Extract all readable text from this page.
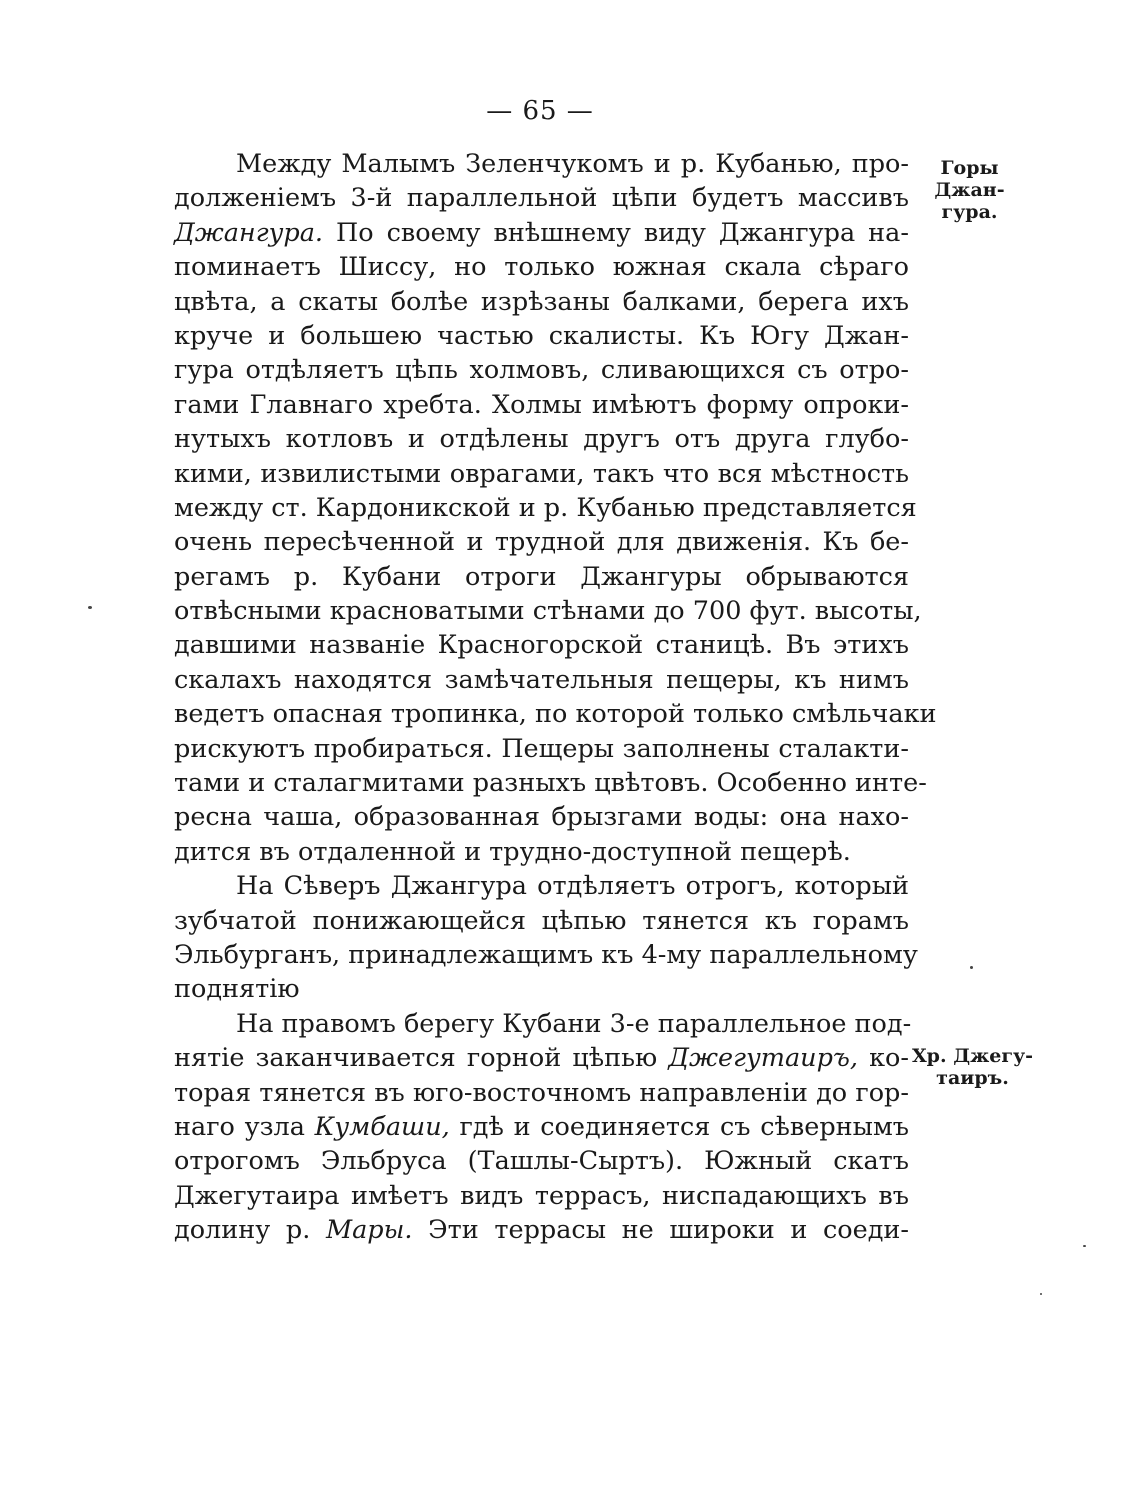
— 65 —
Горы Джан-
гура.
Хр. Джегу-
таиръ.
Между Малымъ Зеленчукомъ и р. Кубанью, про-
долженіемъ 3-й параллельной цѣпи будетъ массивъ
Джангура. По своему внѣшнему виду Джангура на-
поминаетъ Шиссу, но только южная скала сѣраго
цвѣта, а скаты болѣе изрѣзаны балками, берега ихъ
круче и большею частью скалисты. Къ Югу Джан-
гура отдѣляетъ цѣпь холмовъ, сливающихся съ отро-
гами Главнаго хребта. Холмы имѣютъ форму опроки-
нутыхъ котловъ и отдѣлены другъ отъ друга глубо-
кими, извилистыми оврагами, такъ что вся мѣстность
между ст. Кардоникской и р. Кубанью представляется
очень пересѣченной и трудной для движенія. Къ бе-
регамъ р. Кубани отроги Джангуры обрываются
отвѣсными красноватыми стѣнами до 700 фут. высоты,
давшими названіе Красногорской станицѣ. Въ этихъ
скалахъ находятся замѣчательныя пещеры, къ нимъ
ведетъ опасная тропинка, по которой только смѣльчаки
рискуютъ пробираться. Пещеры заполнены сталакти-
тами и сталагмитами разныхъ цвѣтовъ. Особенно инте-
ресна чаша, образованная брызгами воды: она нахо-
дится въ отдаленной и трудно-доступной пещерѣ.
На Сѣверъ Джангура отдѣляетъ отрогъ, который
зубчатой понижающейся цѣпью тянется къ горамъ
Эльбурганъ, принадлежащимъ къ 4-му параллельному
поднятію
На правомъ берегу Кубани 3-е параллельное под-
нятіе заканчивается горной цѣпью Джегутаиръ, ко-
торая тянется въ юго-восточномъ направленіи до гор-
наго узла Кумбаши, гдѣ и соединяется съ сѣвернымъ
отрогомъ Эльбруса (Ташлы-Сыртъ). Южный скатъ
Джегутаира имѣетъ видъ террасъ, ниспадающихъ въ
долину р. Мары. Эти террасы не широки и соеди-
